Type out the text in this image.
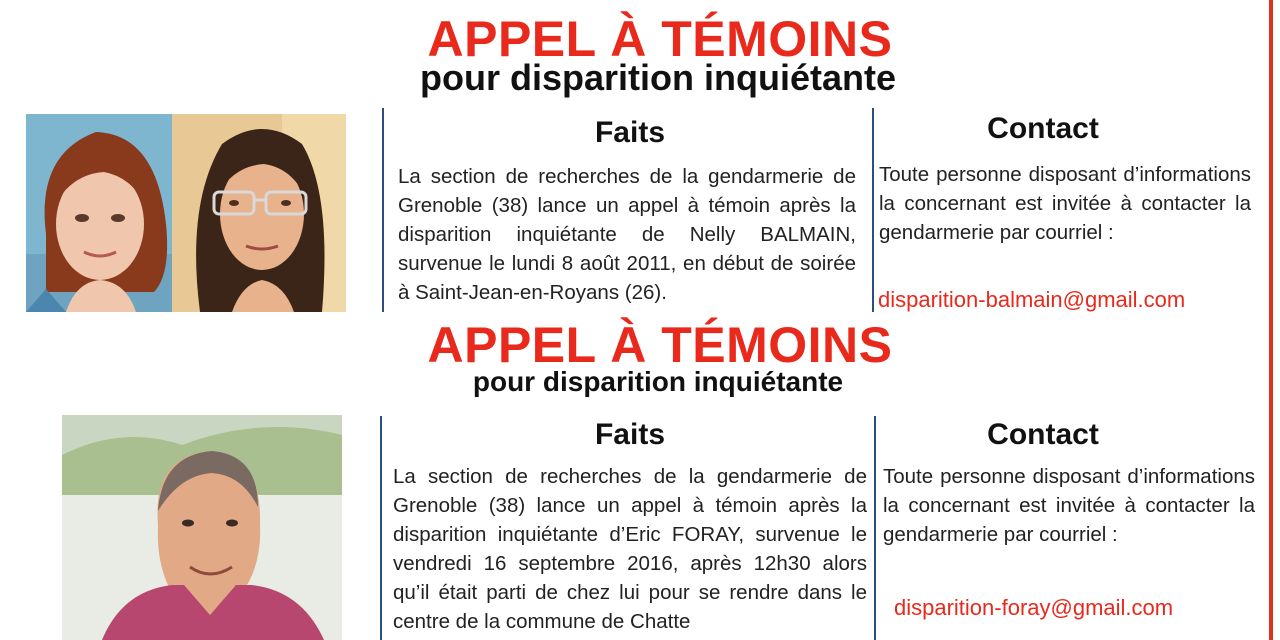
APPEL À TÉMOINS
pour disparition inquiétante
Faits
La section de recherches de la gendarmerie de Grenoble (38) lance un appel à témoin après la disparition inquiétante de Nelly BALMAIN, survenue le lundi 8 août 2011, en début de soirée à Saint-Jean-en-Royans (26).
Contact
Toute personne disposant d’informations la concernant est invitée à contacter la gendarmerie par courriel :
disparition-balmain@gmail.com
APPEL À TÉMOINS
pour disparition inquiétante
Faits
La section de recherches de la gendarmerie de Grenoble (38) lance un appel à témoin après la disparition inquiétante d’Eric FORAY, survenue le vendredi 16 septembre 2016, après 12h30 alors qu’il était parti de chez lui pour se rendre dans le centre de la commune de Chatte
Contact
Toute personne disposant d’informations la concernant est invitée à contacter la gendarmerie par courriel :
disparition-foray@gmail.com
